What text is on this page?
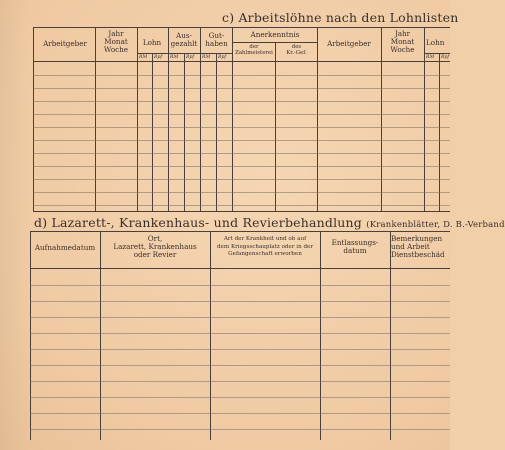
c) Arbeitslöhne nach den Lohnlisten
Arbeitgeber
Jahr
Monat
Woche
Lohn
Aus-
gezahlt
Gut-
haben
Anerkenntnis
der
Zahlmeisterei
des
Kr.-Gef.
Arbeitgeber
Jahr
Monat
Woche
Lohn
RM Rpf RM Rpf RM Rpf	RM Rpf
d) Lazarett-, Krankenhaus- und Revierbehandlung (Krankenblätter, D. B.-Verband
Aufnahmedatum
Ort,
Lazarett, Krankenhaus
oder Revier
Art der Krankheit und ob auf
dem Kriegsschauplatz oder in der
Gefangenschaft erworben
Entlassungs-
datum
Bemerkungen
und Arbeit
Dienstbeschäd
